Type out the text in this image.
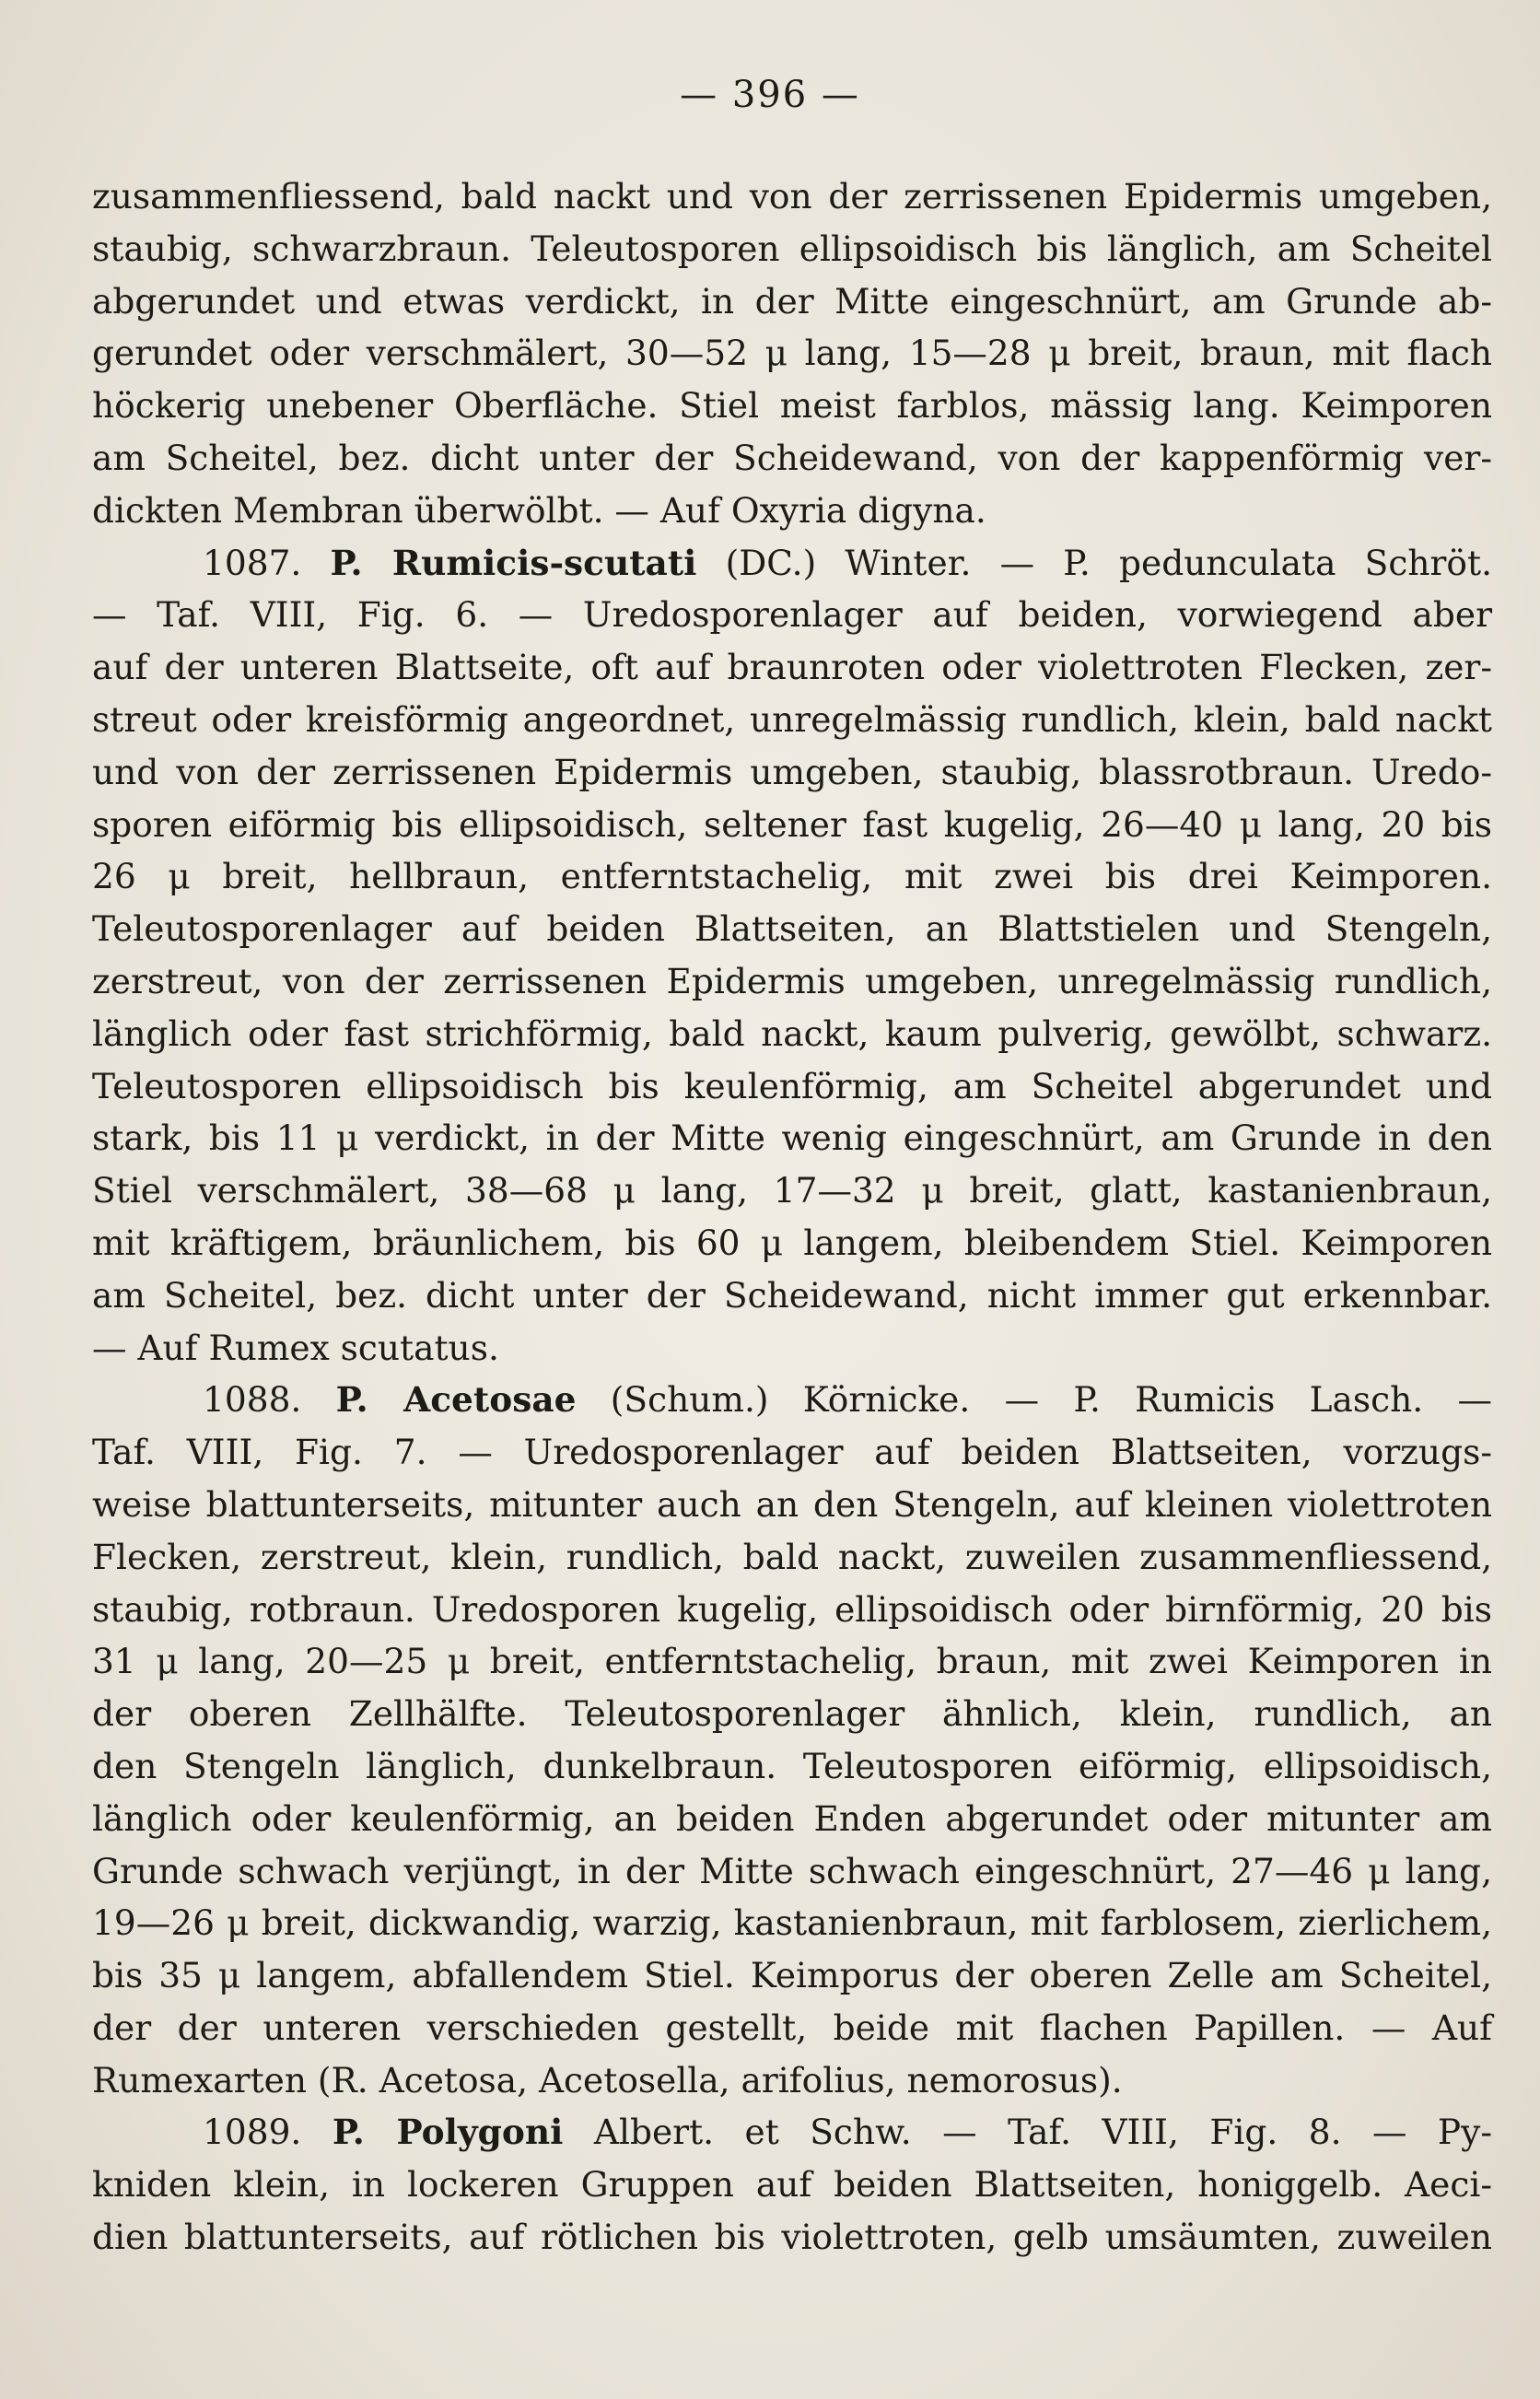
— 396 —
zusammenfliessend, bald nackt und von der zerrissenen Epidermis umgeben,
staubig, schwarzbraun. Teleutosporen ellipsoidisch bis länglich, am Scheitel
abgerundet und etwas verdickt, in der Mitte eingeschnürt, am Grunde ab-
gerundet oder verschmälert, 30—52 μ lang, 15—28 μ breit, braun, mit flach
höckerig unebener Oberfläche. Stiel meist farblos, mässig lang. Keimporen
am Scheitel, bez. dicht unter der Scheidewand, von der kappenförmig ver-
dickten Membran überwölbt. — Auf Oxyria digyna.
1087. P. Rumicis-scutati (DC.) Winter. — P. pedunculata Schröt.
— Taf. VIII, Fig. 6. — Uredosporenlager auf beiden, vorwiegend aber
auf der unteren Blattseite, oft auf braunroten oder violettroten Flecken, zer-
streut oder kreisförmig angeordnet, unregelmässig rundlich, klein, bald nackt
und von der zerrissenen Epidermis umgeben, staubig, blassrotbraun. Uredo-
sporen eiförmig bis ellipsoidisch, seltener fast kugelig, 26—40 μ lang, 20 bis
26 μ breit, hellbraun, entferntstachelig, mit zwei bis drei Keimporen.
Teleutosporenlager auf beiden Blattseiten, an Blattstielen und Stengeln,
zerstreut, von der zerrissenen Epidermis umgeben, unregelmässig rundlich,
länglich oder fast strichförmig, bald nackt, kaum pulverig, gewölbt, schwarz.
Teleutosporen ellipsoidisch bis keulenförmig, am Scheitel abgerundet und
stark, bis 11 μ verdickt, in der Mitte wenig eingeschnürt, am Grunde in den
Stiel verschmälert, 38—68 μ lang, 17—32 μ breit, glatt, kastanienbraun,
mit kräftigem, bräunlichem, bis 60 μ langem, bleibendem Stiel. Keimporen
am Scheitel, bez. dicht unter der Scheidewand, nicht immer gut erkennbar.
— Auf Rumex scutatus.
1088. P. Acetosae (Schum.) Körnicke. — P. Rumicis Lasch. —
Taf. VIII, Fig. 7. — Uredosporenlager auf beiden Blattseiten, vorzugs-
weise blattunterseits, mitunter auch an den Stengeln, auf kleinen violettroten
Flecken, zerstreut, klein, rundlich, bald nackt, zuweilen zusammenfliessend,
staubig, rotbraun. Uredosporen kugelig, ellipsoidisch oder birnförmig, 20 bis
31 μ lang, 20—25 μ breit, entferntstachelig, braun, mit zwei Keimporen in
der oberen Zellhälfte. Teleutosporenlager ähnlich, klein, rundlich, an
den Stengeln länglich, dunkelbraun. Teleutosporen eiförmig, ellipsoidisch,
länglich oder keulenförmig, an beiden Enden abgerundet oder mitunter am
Grunde schwach verjüngt, in der Mitte schwach eingeschnürt, 27—46 μ lang,
19—26 μ breit, dickwandig, warzig, kastanienbraun, mit farblosem, zierlichem,
bis 35 μ langem, abfallendem Stiel. Keimporus der oberen Zelle am Scheitel,
der der unteren verschieden gestellt, beide mit flachen Papillen. — Auf
Rumexarten (R. Acetosa, Acetosella, arifolius, nemorosus).
1089. P. Polygoni Albert. et Schw. — Taf. VIII, Fig. 8. — Py-
kniden klein, in lockeren Gruppen auf beiden Blattseiten, honiggelb. Aeci-
dien blattunterseits, auf rötlichen bis violettroten, gelb umsäumten, zuweilen
